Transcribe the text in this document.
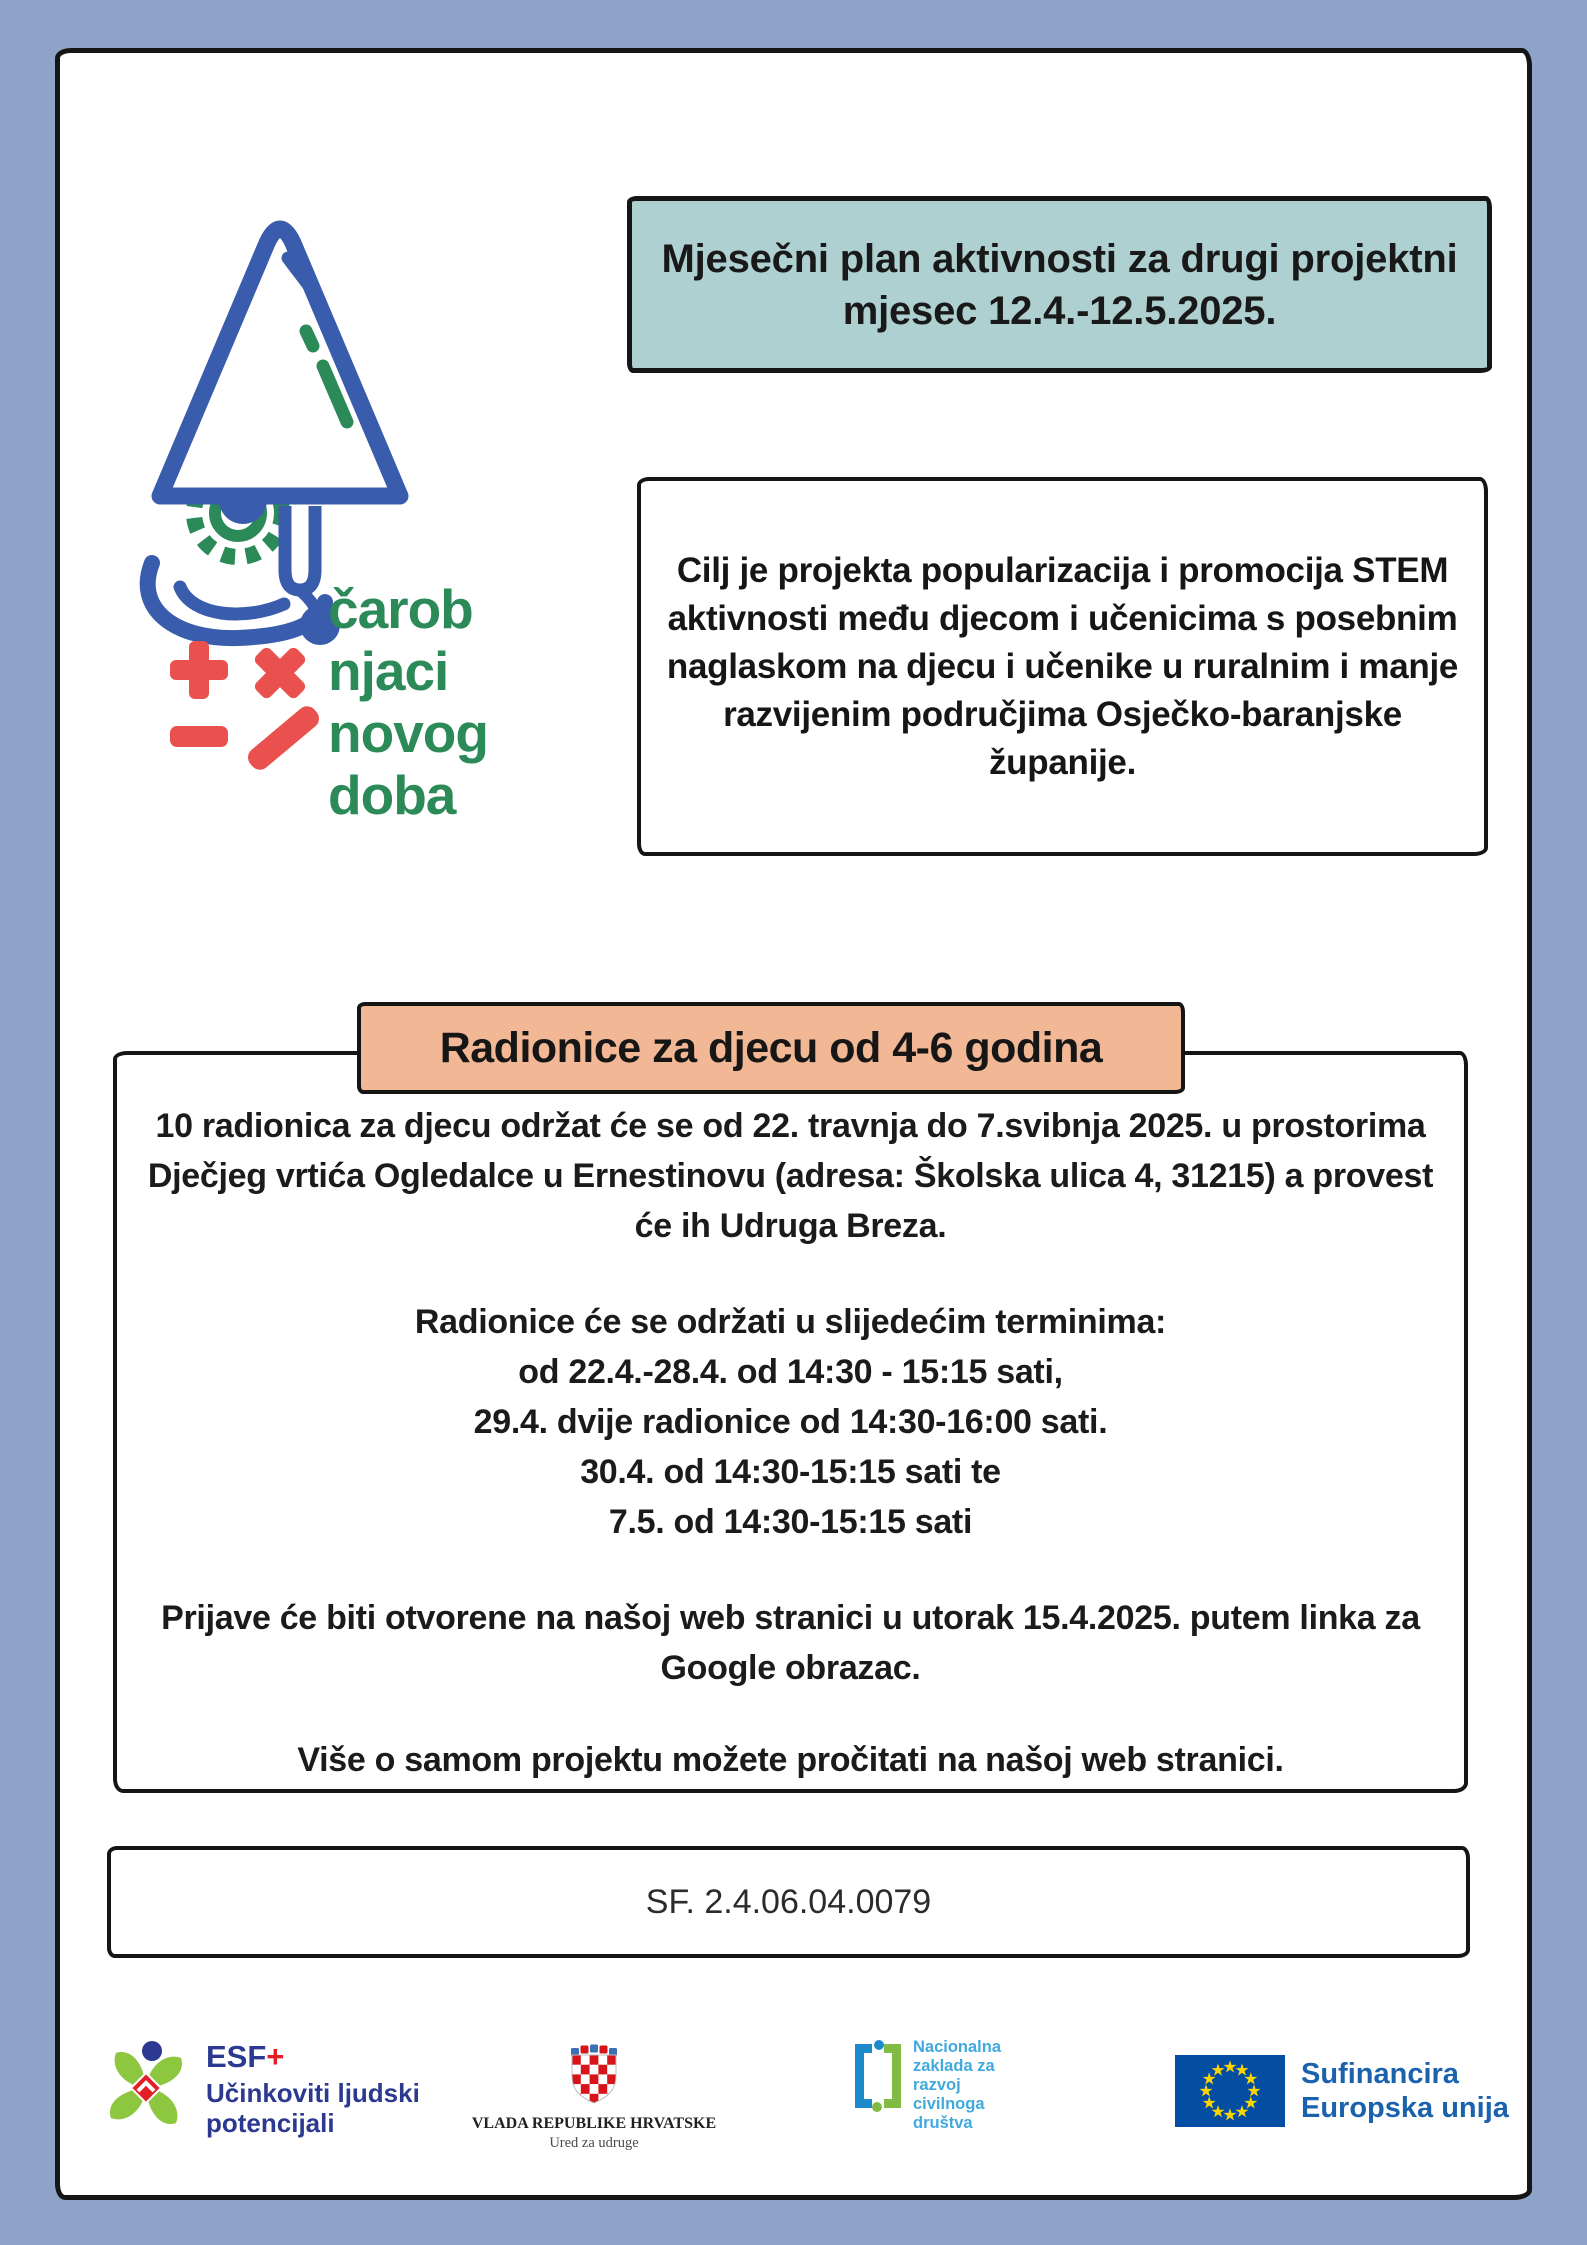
čarob
njaci
novog
doba
Mjesečni plan aktivnosti za drugi projektni mjesec 12.4.-12.5.2025.
Cilj je projekta popularizacija i promocija STEM aktivnosti među djecom i učenicima s posebnim naglaskom na djecu i učenike u ruralnim i manje razvijenim područjima Osječko-baranjske županije.
Radionice za djecu od 4-6 godina

10 radionica za djecu održat će se od 22. travnja do 7.svibnja 2025. u prostorima Dječjeg vrtića Ogledalce u Ernestinovu (adresa: Školska ulica 4, 31215) a provest će ih Udruga Breza.

Radionice će se održati u slijedećim terminima:
od 22.4.-28.4. od 14:30 - 15:15 sati,
29.4. dvije radionice od 14:30-16:00 sati.
30.4. od 14:30-15:15 sati te
7.5. od 14:30-15:15 sati

Prijave će biti otvorene na našoj web stranici u utorak 15.4.2025. putem linka za Google obrazac.

Više o samom projektu možete pročitati na našoj web stranici.

SF. 2.4.06.04.0079
ESF+
Učinkoviti ljudski potencijali	VLADA REPUBLIKE HRVATSKE
Ured za udruge
Nacionalna zaklada za razvoj civilnoga društva
Sufinancira
Europska unija
